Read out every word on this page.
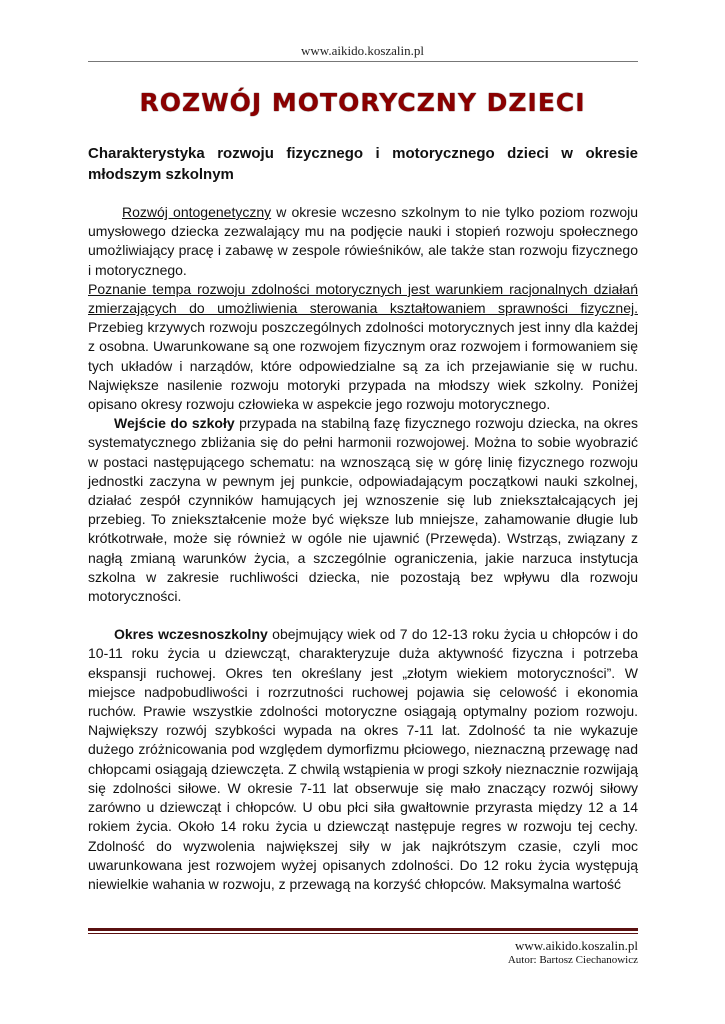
www.aikido.koszalin.pl
ROZWÓJ MOTORYCZNY DZIECI
Charakterystyka rozwoju fizycznego i motorycznego dzieci w okresie młodszym szkolnym

Rozwój ontogenetyczny w okresie wczesno szkolnym to nie tylko poziom rozwoju umysłowego dziecka zezwalający mu na podjęcie nauki i stopień rozwoju społecznego umożliwiający pracę i zabawę w zespole rówieśników, ale także stan rozwoju fizycznego i motorycznego.

Poznanie tempa rozwoju zdolności motorycznych jest warunkiem racjonalnych działań zmierzających do umożliwienia sterowania kształtowaniem sprawności fizycznej. Przebieg krzywych rozwoju poszczególnych zdolności motorycznych jest inny dla każdej z osobna. Uwarunkowane są one rozwojem fizycznym oraz rozwojem i formowaniem się tych układów i narządów, które odpowiedzialne są za ich przejawianie się w ruchu. Największe nasilenie rozwoju motoryki przypada na młodszy wiek szkolny. Poniżej opisano okresy rozwoju człowieka w aspekcie jego rozwoju motorycznego.

Wejście do szkoły przypada na stabilną fazę fizycznego rozwoju dziecka, na okres systematycznego zbliżania się do pełni harmonii rozwojowej. Można to sobie wyobrazić w postaci następującego schematu: na wznoszącą się w górę linię fizycznego rozwoju jednostki zaczyna w pewnym jej punkcie, odpowiadającym początkowi nauki szkolnej, działać zespół czynników hamujących jej wznoszenie się lub zniekształcających jej przebieg. To zniekształcenie może być większe lub mniejsze, zahamowanie długie lub krótkotrwałe, może się również w ogóle nie ujawnić (Przewęda). Wstrząs, związany z nagłą zmianą warunków życia, a szczególnie ograniczenia, jakie narzuca instytucja szkolna w zakresie ruchliwości dziecka, nie pozostają bez wpływu dla rozwoju motoryczności.

Okres wczesnoszkolny obejmujący wiek od 7 do 12-13 roku życia u chłopców i do 10-11 roku życia u dziewcząt, charakteryzuje duża aktywność fizyczna i potrzeba ekspansji ruchowej. Okres ten określany jest „złotym wiekiem motoryczności”. W miejsce nadpobudliwości i rozrzutności ruchowej pojawia się celowość i ekonomia ruchów. Prawie wszystkie zdolności motoryczne osiągają optymalny poziom rozwoju. Największy rozwój szybkości wypada na okres 7-11 lat. Zdolność ta nie wykazuje dużego zróżnicowania pod względem dymorfizmu płciowego, nieznaczną przewagę nad chłopcami osiągają dziewczęta. Z chwilą wstąpienia w progi szkoły nieznacznie rozwijają się zdolności siłowe. W okresie 7-11 lat obserwuje się mało znaczący rozwój siłowy zarówno u dziewcząt i chłopców. U obu płci siła gwałtownie przyrasta między 12 a 14 rokiem życia. Około 14 roku życia u dziewcząt następuje regres w rozwoju tej cechy. Zdolność do wyzwolenia największej siły w jak najkrótszym czasie, czyli moc uwarunkowana jest rozwojem wyżej opisanych zdolności. Do 12 roku życia występują niewielkie wahania w rozwoju, z przewagą na korzyść chłopców. Maksymalna wartość

www.aikido.koszalin.pl
Autor: Bartosz Ciechanowicz
